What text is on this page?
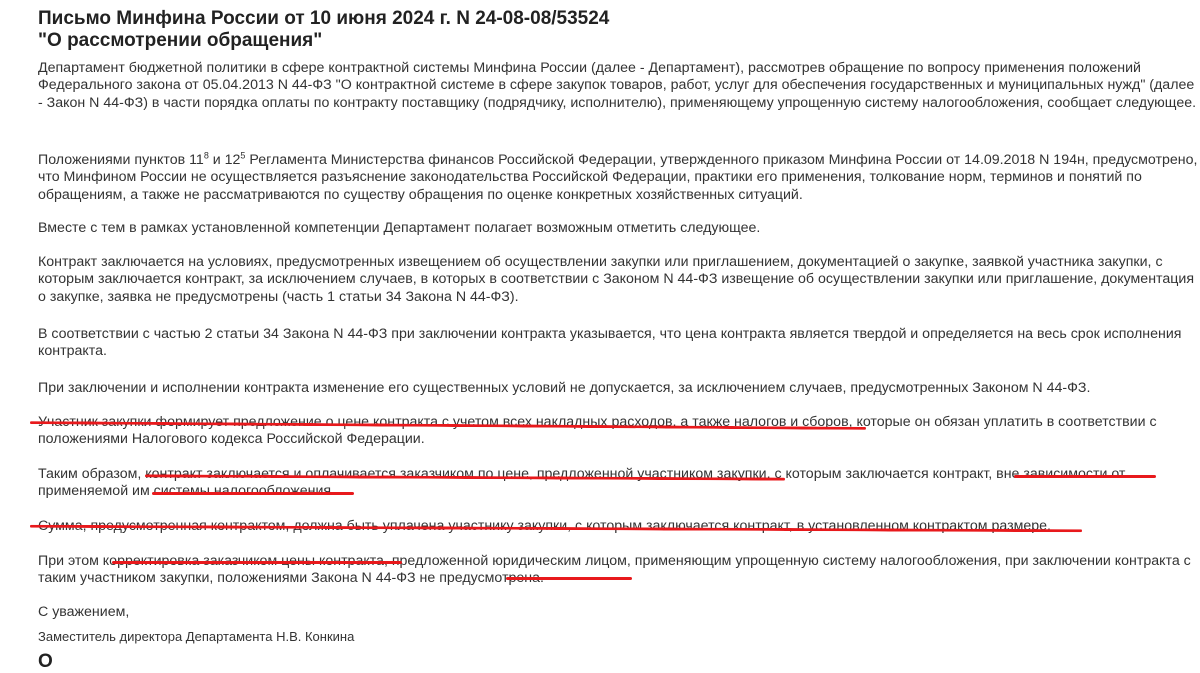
Письмо Минфина России от 10 июня 2024 г. N 24-08-08/53524
"О рассмотрении обращения"

Департамент бюджетной политики в сфере контрактной системы Минфина России (далее - Департамент), рассмотрев обращение по вопросу применения положений Федерального закона от 05.04.2013 N 44-ФЗ "О контрактной системе в сфере закупок товаров, работ, услуг для обеспечения государственных и муниципальных нужд" (далее - Закон N 44-ФЗ) в части порядка оплаты по контракту поставщику (подрядчику, исполнителю), применяющему упрощенную систему налогообложения, сообщает следующее.

Положениями пунктов $11^8$ и $12^5$ Регламента Министерства финансов Российской Федерации, утвержденного приказом Минфина России от 14.09.2018 N 194н, предусмотрено, что Минфином России не осуществляется разъяснение законодательства Российской Федерации, практики его применения, толкование норм, терминов и понятий по обращениям, а также не рассматриваются по существу обращения по оценке конкретных хозяйственных ситуаций.

Вместе с тем в рамках установленной компетенции Департамент полагает возможным отметить следующее.

Контракт заключается на условиях, предусмотренных извещением об осуществлении закупки или приглашением, документацией о закупке, заявкой участника закупки, с которым заключается контракт, за исключением случаев, в которых в соответствии с Законом N 44-ФЗ извещение об осуществлении закупки или приглашение, документация о закупке, заявка не предусмотрены (часть 1 статьи 34 Закона N 44-ФЗ).

В соответствии с частью 2 статьи 34 Закона N 44-ФЗ при заключении контракта указывается, что цена контракта является твердой и определяется на весь срок исполнения контракта.

При заключении и исполнении контракта изменение его существенных условий не допускается, за исключением случаев, предусмотренных Законом N 44-ФЗ.

Участник закупки формирует предложение о цене контракта с учетом всех накладных расходов, а также налогов и сборов, которые он обязан уплатить в соответствии с положениями Налогового кодекса Российской Федерации.

Таким образом, контракт заключается и оплачивается заказчиком по цене, предложенной участником закупки, с которым заключается контракт, вне зависимости от применяемой им системы налогообложения.

Сумма, предусмотренная контрактом, должна быть уплачена участнику закупки, с которым заключается контракт, в установленном контрактом размере.

При этом корректировка заказчиком цены контракта, предложенной юридическим лицом, применяющим упрощенную систему налогообложения, при заключении контракта с таким участником закупки, положениями Закона N 44-ФЗ не предусмотрена.

С уважением,

Заместитель директора Департамента Н.В. Конкина
О
